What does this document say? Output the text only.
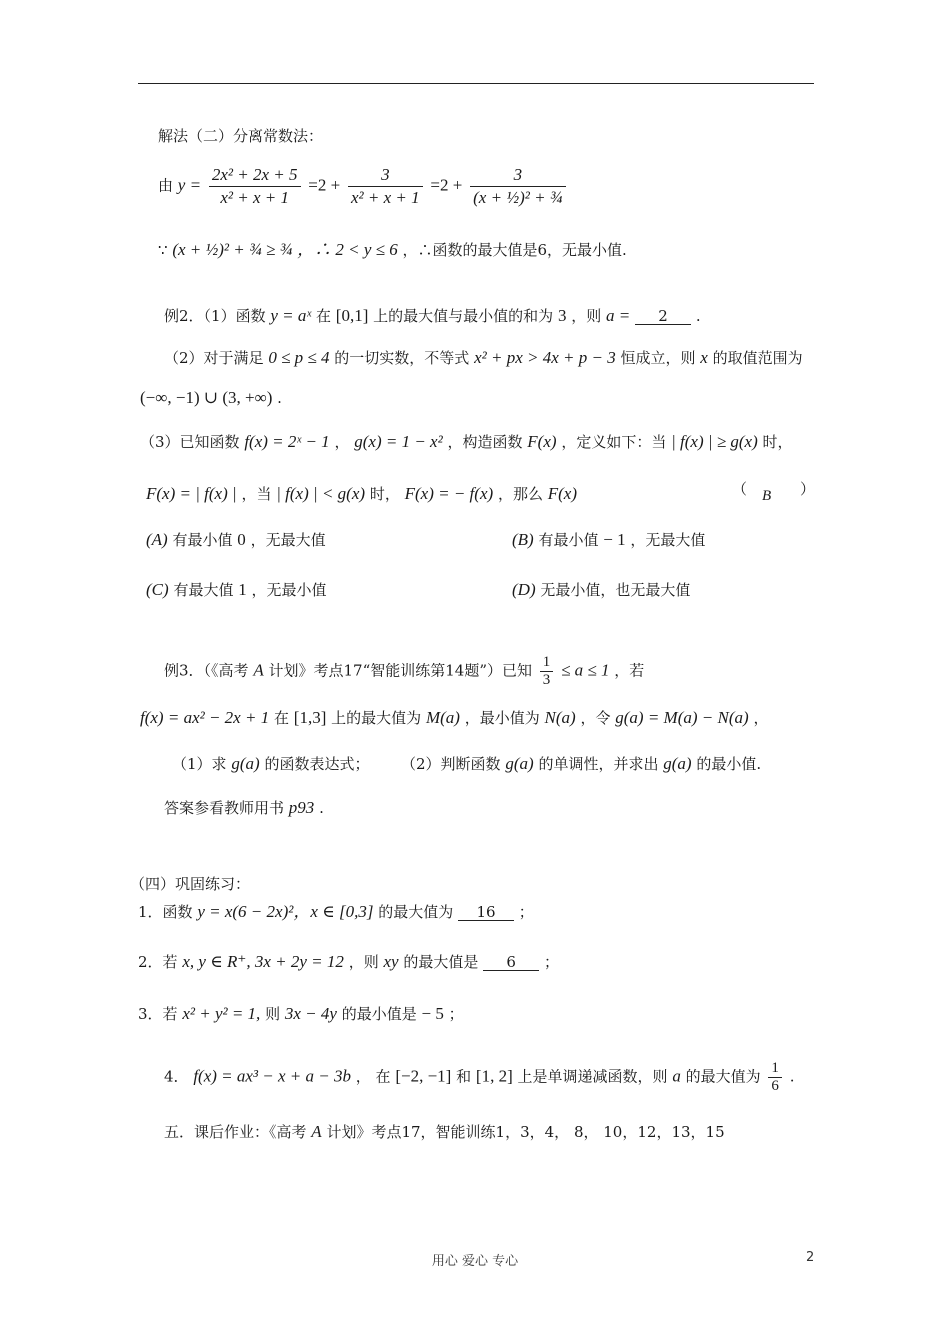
解法（二）分离常数法：
由 $y = \frac{\text{2x² + 2x + 5}}{\text{x² + x + 1}} =2 + \frac{3}{\text{x² + x + 1}} =2 + \frac{3}{\text{(x + ½)² + ¾}}$
∵ (x + ½)² + ¾ ≥ ¾ ，∴ 2 < y ≤ 6 ，∴函数的最大值是6，无最小值.
例2．（1）函数 y = aˣ 在 [0,1] 上的最大值与最小值的和为 3 ，则 a = 2 .
（2）对于满足 0 ≤ p ≤ 4 的一切实数，不等式 x² + px > 4x + p − 3 恒成立，则 x 的取值范围为
(−∞, −1) ∪ (3, +∞) .
（3）已知函数 f(x) = 2ˣ − 1 ， g(x) = 1 − x² ，构造函数 F(x) ，定义如下：当 | f(x) | ≥ g(x) 时，
F(x) = | f(x) | ，当 | f(x) | < g(x) 时， F(x) = − f(x) ，那么 F(x)	（ B ）
(A) 有最小值 0 ，无最大值	(B) 有最小值 − 1 ，无最大值
(C) 有最大值 1 ，无最小值	(D) 无最小值，也无最大值
例3．（《高考 A 计划》考点17“智能训练第14题”）已知 $\frac{1}{3} \le a \le 1$ ，若
f(x) = ax² − 2x + 1 在 [1,3] 上的最大值为 M(a) ，最小值为 N(a) ，令 g(a) = M(a) − N(a) ，
（1）求 g(a) 的函数表达式； （2）判断函数 g(a) 的单调性，并求出 g(a) 的最小值.
答案参看教师用书 p93 .
（四）巩固练习：
1．函数 y = x(6 − 2x)²，x ∈ [0,3] 的最大值为 16 ；
2．若 x, y ∈ R⁺, 3x + 2y = 12 ，则 xy 的最大值是 6 ；
3．若 x² + y² = 1, 则 3x − 4y 的最小值是 − 5 ；
4． f(x) = ax³ − x + a − 3b ， 在 [−2, −1] 和 [1, 2] 上是单调递减函数，则 a 的最大值为 $\frac{1}{6}$ .
五．课后作业：《高考 A 计划》考点17，智能训练1，3，4， 8， 10，12，13，15
用心 爱心 专心	2
